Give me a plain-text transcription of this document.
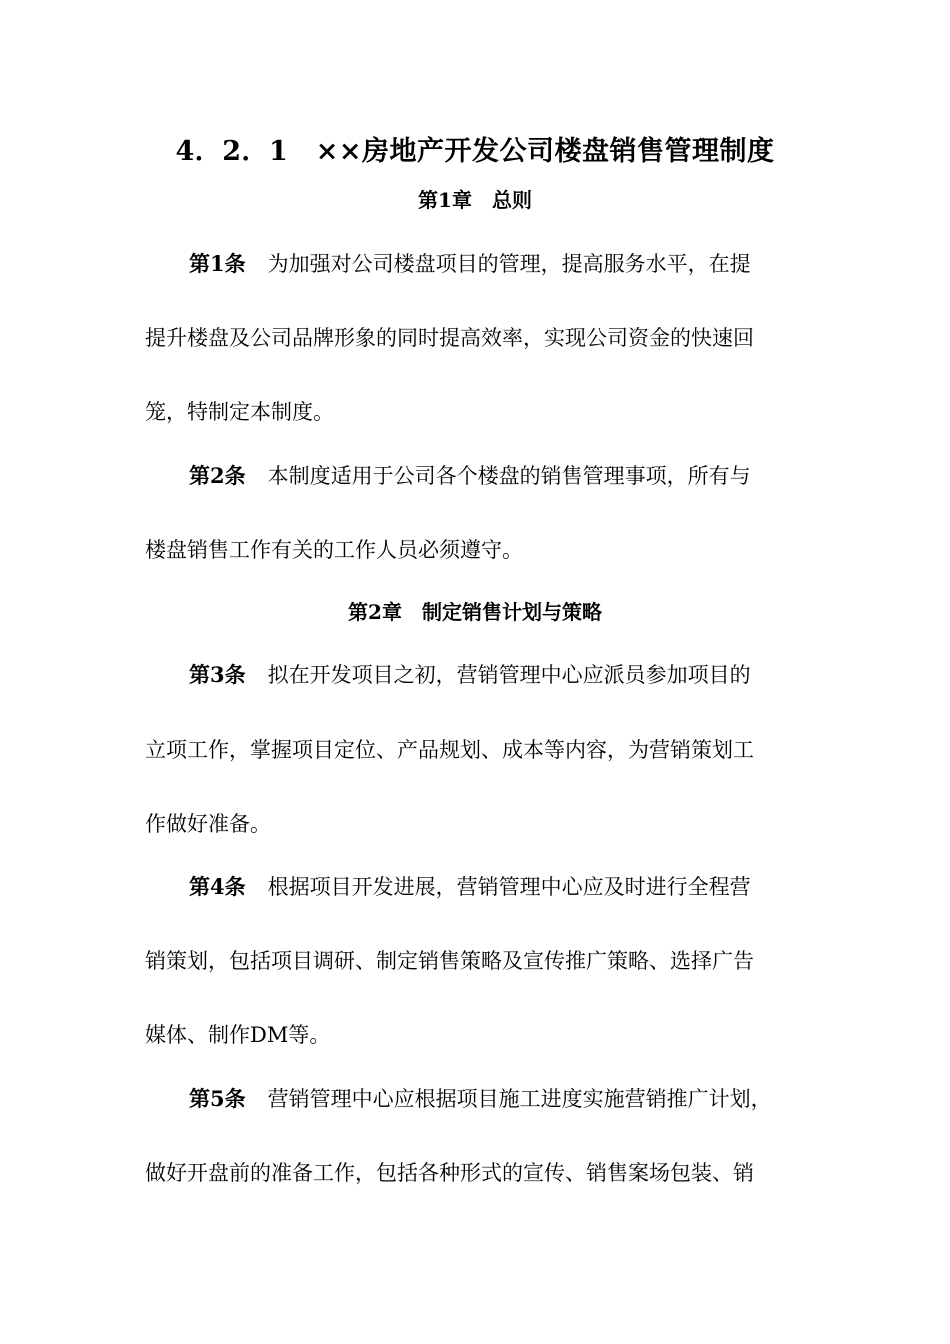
4．2．1　××房地产开发公司楼盘销售管理制度
第1章　总则
第1条 为加强对公司楼盘项目的管理，提高服务水平，在提
提升楼盘及公司品牌形象的同时提高效率，实现公司资金的快速回
笼，特制定本制度。
第2条 本制度适用于公司各个楼盘的销售管理事项，所有与
楼盘销售工作有关的工作人员必须遵守。
第2章　制定销售计划与策略
第3条 拟在开发项目之初，营销管理中心应派员参加项目的
立项工作，掌握项目定位、产品规划、成本等内容，为营销策划工
作做好准备。
第4条 根据项目开发进展，营销管理中心应及时进行全程营
销策划，包括项目调研、制定销售策略及宣传推广策略、选择广告
媒体、制作DM等。
第5条 营销管理中心应根据项目施工进度实施营销推广计划，
做好开盘前的准备工作，包括各种形式的宣传、销售案场包装、销
